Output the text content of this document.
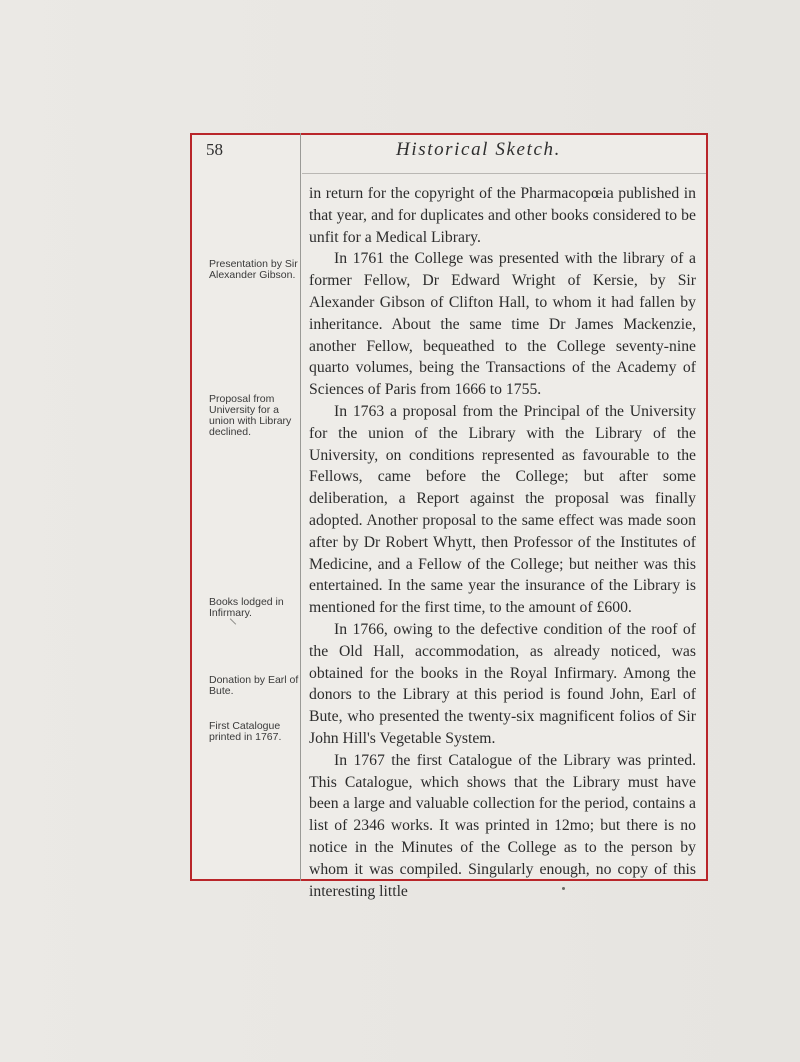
58	Historical Sketch.
Presentation by Sir Alexander Gibson.
Proposal from University for a union with Library declined.
Books lodged in Infirmary.
Donation by Earl of Bute.
First Catalogue printed in 1767.

in return for the copyright of the Pharmacopœia published in that year, and for duplicates and other books considered to be unfit for a Medical Library.

In 1761 the College was presented with the library of a former Fellow, Dr Edward Wright of Kersie, by Sir Alexander Gibson of Clifton Hall, to whom it had fallen by inheritance. About the same time Dr James Mackenzie, another Fellow, bequeathed to the College seventy-nine quarto volumes, being the Transactions of the Academy of Sciences of Paris from 1666 to 1755.

In 1763 a proposal from the Principal of the University for the union of the Library with the Library of the University, on conditions represented as favourable to the Fellows, came before the College; but after some deliberation, a Report against the proposal was finally adopted. Another proposal to the same effect was made soon after by Dr Robert Whytt, then Professor of the Institutes of Medicine, and a Fellow of the College; but neither was this entertained. In the same year the insurance of the Library is mentioned for the first time, to the amount of £600.

In 1766, owing to the defective condition of the roof of the Old Hall, accommodation, as already noticed, was obtained for the books in the Royal Infirmary. Among the donors to the Library at this period is found John, Earl of Bute, who presented the twenty-six magnificent folios of Sir John Hill's Vegetable System.

In 1767 the first Catalogue of the Library was printed. This Catalogue, which shows that the Library must have been a large and valuable collection for the period, contains a list of 2346 works. It was printed in 12mo; but there is no notice in the Minutes of the College as to the person by whom it was compiled. Singularly enough, no copy of this interesting little
